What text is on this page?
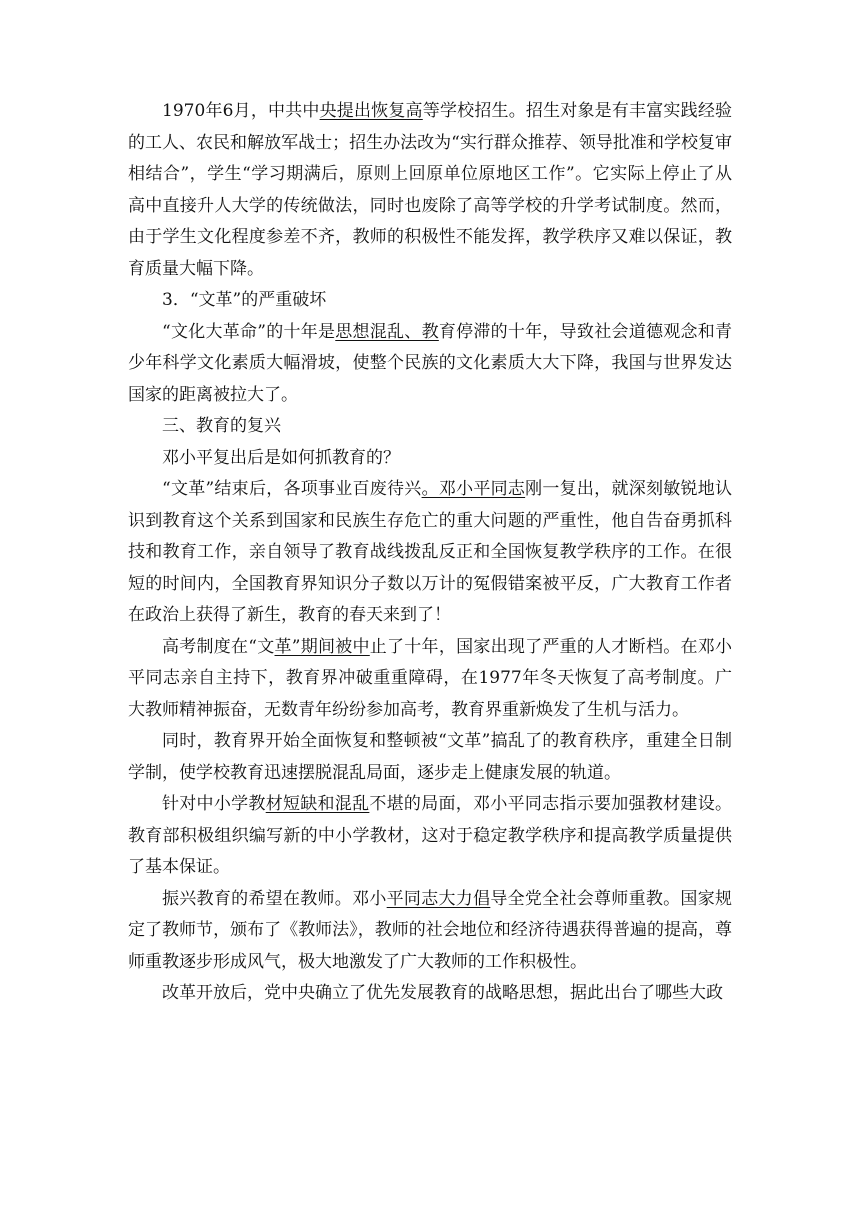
1970年6月，中共中央提出恢复高等学校招生。招生对象是有丰富实践经验的工人、农民和解放军战士；招生办法改为“实行群众推荐、领导批准和学校复审相结合”，学生“学习期满后，原则上回原单位原地区工作”。它实际上停止了从高中直接升人大学的传统做法，同时也废除了高等学校的升学考试制度。然而，由于学生文化程度参差不齐，教师的积极性不能发挥，教学秩序又难以保证，教育质量大幅下降。

3．“文革”的严重破坏

“文化大革命”的十年是思想混乱、教育停滞的十年，导致社会道德观念和青少年科学文化素质大幅滑坡，使整个民族的文化素质大大下降，我国与世界发达国家的距离被拉大了。

三、教育的复兴

邓小平复出后是如何抓教育的？

“文革”结束后，各项事业百废待兴。邓小平同志刚一复出，就深刻敏锐地认识到教育这个关系到国家和民族生存危亡的重大问题的严重性，他自告奋勇抓科技和教育工作，亲自领导了教育战线拨乱反正和全国恢复教学秩序的工作。在很短的时间内，全国教育界知识分子数以万计的冤假错案被平反，广大教育工作者在政治上获得了新生，教育的春天来到了！

高考制度在“文革”期间被中止了十年，国家出现了严重的人才断档。在邓小平同志亲自主持下，教育界冲破重重障碍，在1977年冬天恢复了高考制度。广大教师精神振奋，无数青年纷纷参加高考，教育界重新焕发了生机与活力。

同时，教育界开始全面恢复和整顿被“文革”搞乱了的教育秩序，重建全日制学制，使学校教育迅速摆脱混乱局面，逐步走上健康发展的轨道。

针对中小学教材短缺和混乱不堪的局面，邓小平同志指示要加强教材建设。教育部积极组织编写新的中小学教材，这对于稳定教学秩序和提高教学质量提供了基本保证。

振兴教育的希望在教师。邓小平同志大力倡导全党全社会尊师重教。国家规定了教师节，颁布了《教师法》，教师的社会地位和经济待遇获得普遍的提高，尊师重教逐步形成风气，极大地激发了广大教师的工作积极性。

改革开放后，党中央确立了优先发展教育的战略思想，据此出台了哪些大政
